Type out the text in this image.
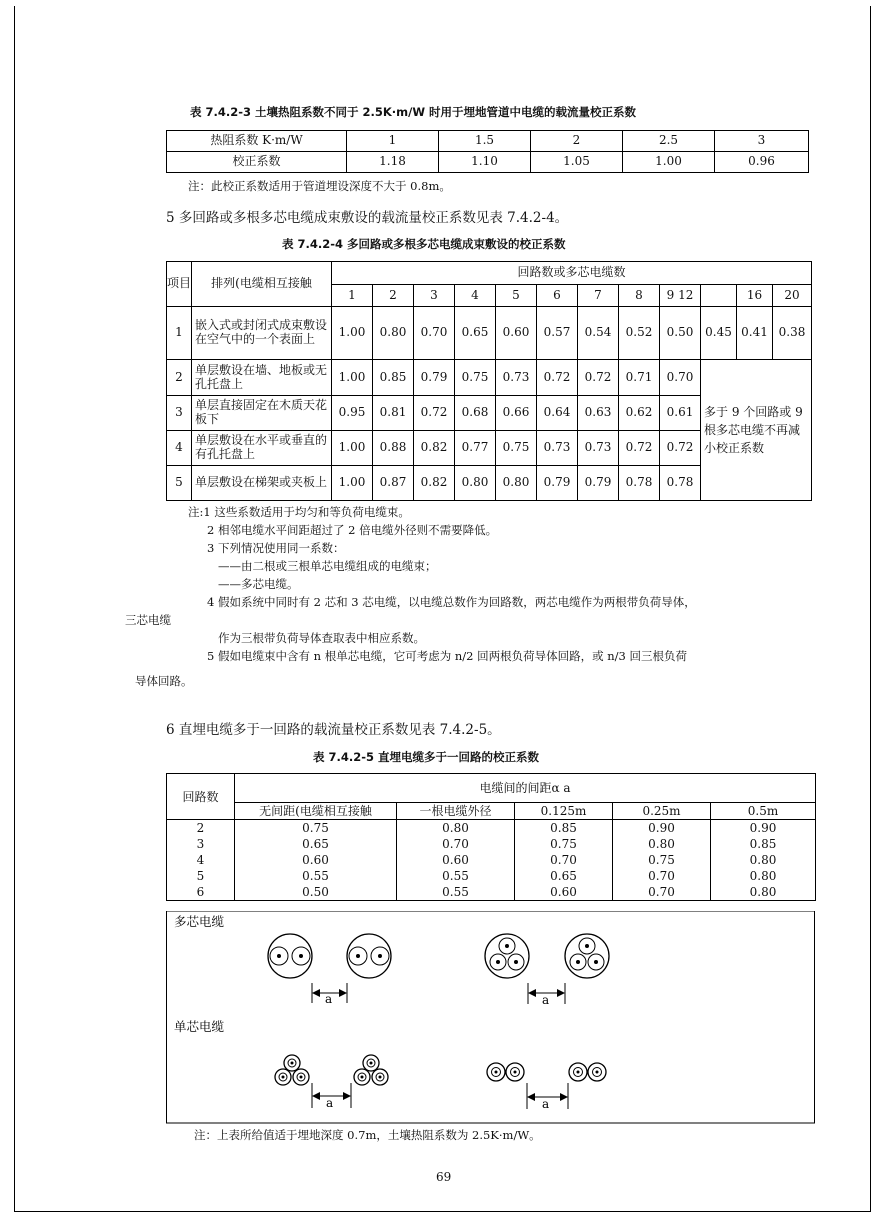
表 7.4.2-3 土壤热阻系数不同于 2.5K·m/W 时用于埋地管道中电缆的载流量校正系数
热阻系数 K·m/W	1	1.5	2	2.5	3
校正系数	1.18	1.10	1.05	1.00	0.96
注：此校正系数适用于管道埋设深度不大于 0.8m。
5 多回路或多根多芯电缆成束敷设的载流量校正系数见表 7.4.2-4。
表 7.4.2-4 多回路或多根多芯电缆成束敷设的校正系数
项目	排列(电缆相互接触	回路数或多芯电缆数											
		1	2	3	4	5	6	7	8	9 12		16	20
1	嵌入式或封闭式成束敷设在空气中的一个表面上	1.00	0.80	0.70	0.65	0.60	0.57	0.54	0.52	0.50	0.45	0.41	0.38
2	单层敷设在墙、地板或无孔托盘上	1.00	0.85	0.79	0.75	0.73	0.72	0.72	0.71	0.70	多于 9 个回路或 9 根多芯电缆不再减小校正系数		
3	单层直接固定在木质天花板下	0.95	0.81	0.72	0.68	0.66	0.64	0.63	0.62	0.61			
4	单层敷设在水平或垂直的有孔托盘上	1.00	0.88	0.82	0.77	0.75	0.73	0.73	0.72	0.72			
5	单层敷设在梯架或夹板上	1.00	0.87	0.82	0.80	0.80	0.79	0.79	0.78	0.78			
注:1 这些系数适用于均匀和等负荷电缆束。
2 相邻电缆水平间距超过了 2 倍电缆外径则不需要降低。
3 下列情况使用同一系数：
——由二根或三根单芯电缆组成的电缆束；
——多芯电缆。
4 假如系统中同时有 2 芯和 3 芯电缆，以电缆总数作为回路数，两芯电缆作为两根带负荷导体，
三芯电缆
作为三根带负荷导体查取表中相应系数。
5 假如电缆束中含有 n 根单芯电缆，它可考虑为 n/2 回两根负荷导体回路，或 n/3 回三根负荷
导体回路。
6 直埋电缆多于一回路的载流量校正系数见表 7.4.2-5。
表 7.4.2-5 直埋电缆多于一回路的校正系数
回路数	电缆间的间距α a				
	无间距(电缆相互接触	一根电缆外径	0.125m	0.25m	0.5m
2	0.75	0.80	0.85	0.90	0.90
3	0.65	0.70	0.75	0.80	0.85
4	0.60	0.60	0.70	0.75	0.80
5	0.55	0.55	0.65	0.70	0.80
6	0.50	0.55	0.60	0.70	0.80
多芯电缆
单芯电缆
a	a
a	a
注：上表所给值适于埋地深度 0.7m，土壤热阻系数为 2.5K·m/W。
69
